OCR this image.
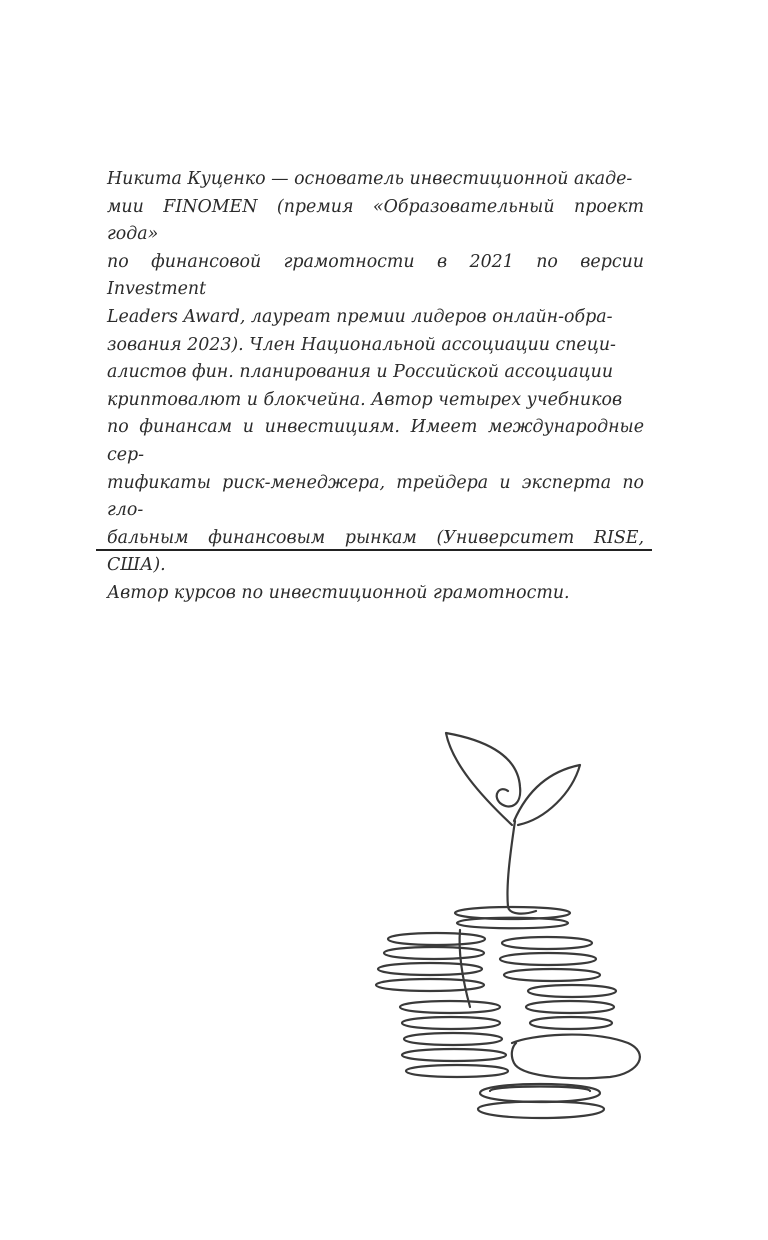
Никита Куценко — основатель инвестиционной акаде-
мии FINOMEN (премия «Образовательный проект года»
по финансовой грамотности в 2021 по версии Investment
Leaders Award, лауреат премии лидеров онлайн-обра-
зования 2023). Член Национальной ассоциации специ-
алистов фин. планирования и Российской ассоциации
криптовалют и блокчейна. Автор четырех учебников
по финансам и инвестициям. Имеет международные сер-
тификаты риск-менеджера, трейдера и эксперта по гло-
бальным финансовым рынкам (Университет RISE, США).
Автор курсов по инвестиционной грамотности.
